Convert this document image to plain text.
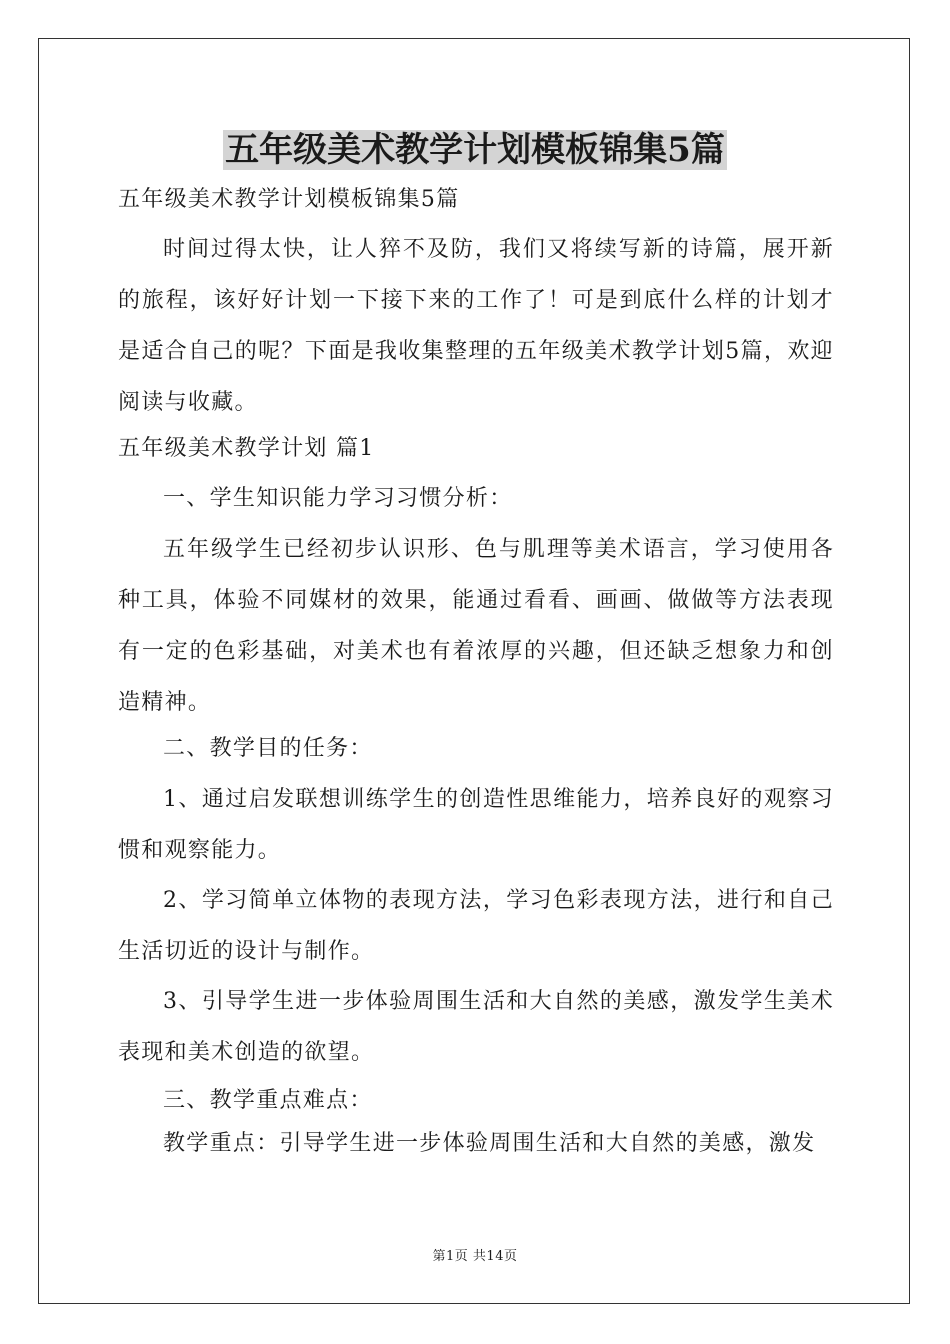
五年级美术教学计划模板锦集5篇
五年级美术教学计划模板锦集5篇
时间过得太快，让人猝不及防，我们又将续写新的诗篇，展开新的旅程，该好好计划一下接下来的工作了！可是到底什么样的计划才是适合自己的呢？下面是我收集整理的五年级美术教学计划5篇，欢迎阅读与收藏。
五年级美术教学计划 篇1
一、学生知识能力学习习惯分析：
五年级学生已经初步认识形、色与肌理等美术语言，学习使用各种工具，体验不同媒材的效果，能通过看看、画画、做做等方法表现有一定的色彩基础，对美术也有着浓厚的兴趣，但还缺乏想象力和创造精神。
二、教学目的任务：
1、通过启发联想训练学生的创造性思维能力，培养良好的观察习惯和观察能力。
2、学习简单立体物的表现方法，学习色彩表现方法，进行和自己生活切近的设计与制作。
3、引导学生进一步体验周围生活和大自然的美感，激发学生美术表现和美术创造的欲望。
三、教学重点难点：
教学重点：引导学生进一步体验周围生活和大自然的美感，激发
第1页 共14页
